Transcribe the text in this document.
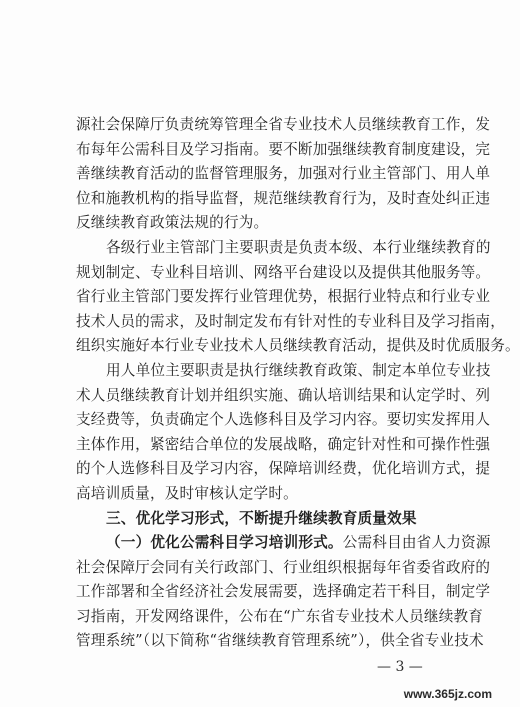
源社会保障厅负责统筹管理全省专业技术人员继续教育工作，发
布每年公需科目及学习指南。要不断加强继续教育制度建设，完
善继续教育活动的监督管理服务，加强对行业主管部门、用人单
位和施教机构的指导监督，规范继续教育行为，及时查处纠正违
反继续教育政策法规的行为。
各级行业主管部门主要职责是负责本级、本行业继续教育的
规划制定、专业科目培训、网络平台建设以及提供其他服务等。
省行业主管部门要发挥行业管理优势，根据行业特点和行业专业
技术人员的需求，及时制定发布有针对性的专业科目及学习指南，
组织实施好本行业专业技术人员继续教育活动，提供及时优质服务。
用人单位主要职责是执行继续教育政策、制定本单位专业技
术人员继续教育计划并组织实施、确认培训结果和认定学时、列
支经费等，负责确定个人选修科目及学习内容。要切实发挥用人
主体作用，紧密结合单位的发展战略，确定针对性和可操作性强
的个人选修科目及学习内容，保障培训经费，优化培训方式，提
高培训质量，及时审核认定学时。
三、优化学习形式，不断提升继续教育质量效果
（一）优化公需科目学习培训形式。公需科目由省人力资源
社会保障厅会同有关行政部门、行业组织根据每年省委省政府的
工作部署和全省经济社会发展需要，选择确定若干科目，制定学
习指南，开发网络课件，公布在“广东省专业技术人员继续教育
管理系统”（以下简称“省继续教育管理系统”），供全省专业技术
— 3 —
www.365jz.com
